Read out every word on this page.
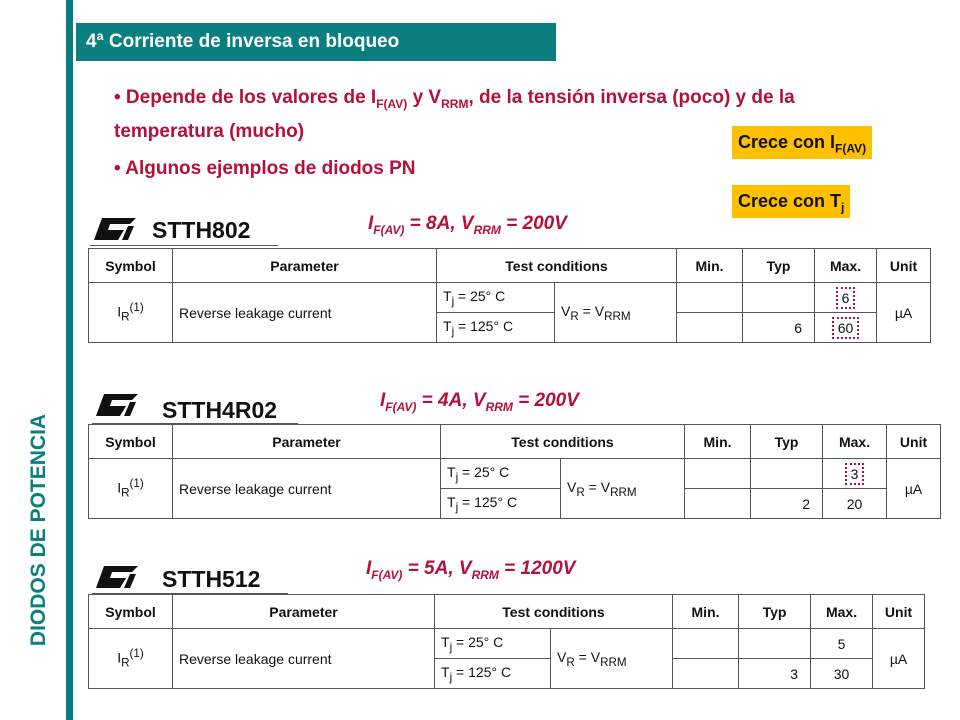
DIODOS DE POTENCIA
4ª Corriente de inversa en bloqueo
• Depende de los valores de $I_{F(AV)}$ y $V_{RRM}$, de la tensión inversa (poco) y de la temperatura (mucho)
• Algunos ejemplos de diodos PN
Crece con $I_{F(AV)}$
Crece con $T_j$
STTH802	$I_{F(AV)} = 8A$, $V_{RRM} = 200V$
Symbol	Parameter	Test conditions		Min.	Typ	Max.	Unit
$I_R^{(1)}$	Reverse leakage current	$T_j = 25^\circ$ C	$V_R = V_{RRM}$			6	µA
		$T_j = 125^\circ$ C			6	60	
STTH4R02	$I_{F(AV)} = 4A$, $V_{RRM} = 200V$
Symbol	Parameter	Test conditions		Min.	Typ	Max.	Unit
$I_R^{(1)}$	Reverse leakage current	$T_j = 25^\circ$ C	$V_R = V_{RRM}$			3	µA
		$T_j = 125^\circ$ C			2	20	
STTH512	$I_{F(AV)} = 5A$, $V_{RRM} = 1200V$
Symbol	Parameter	Test conditions		Min.	Typ	Max.	Unit
$I_R^{(1)}$	Reverse leakage current	$T_j = 25^\circ$ C	$V_R = V_{RRM}$			5	µA
		$T_j = 125^\circ$ C			3	30	
